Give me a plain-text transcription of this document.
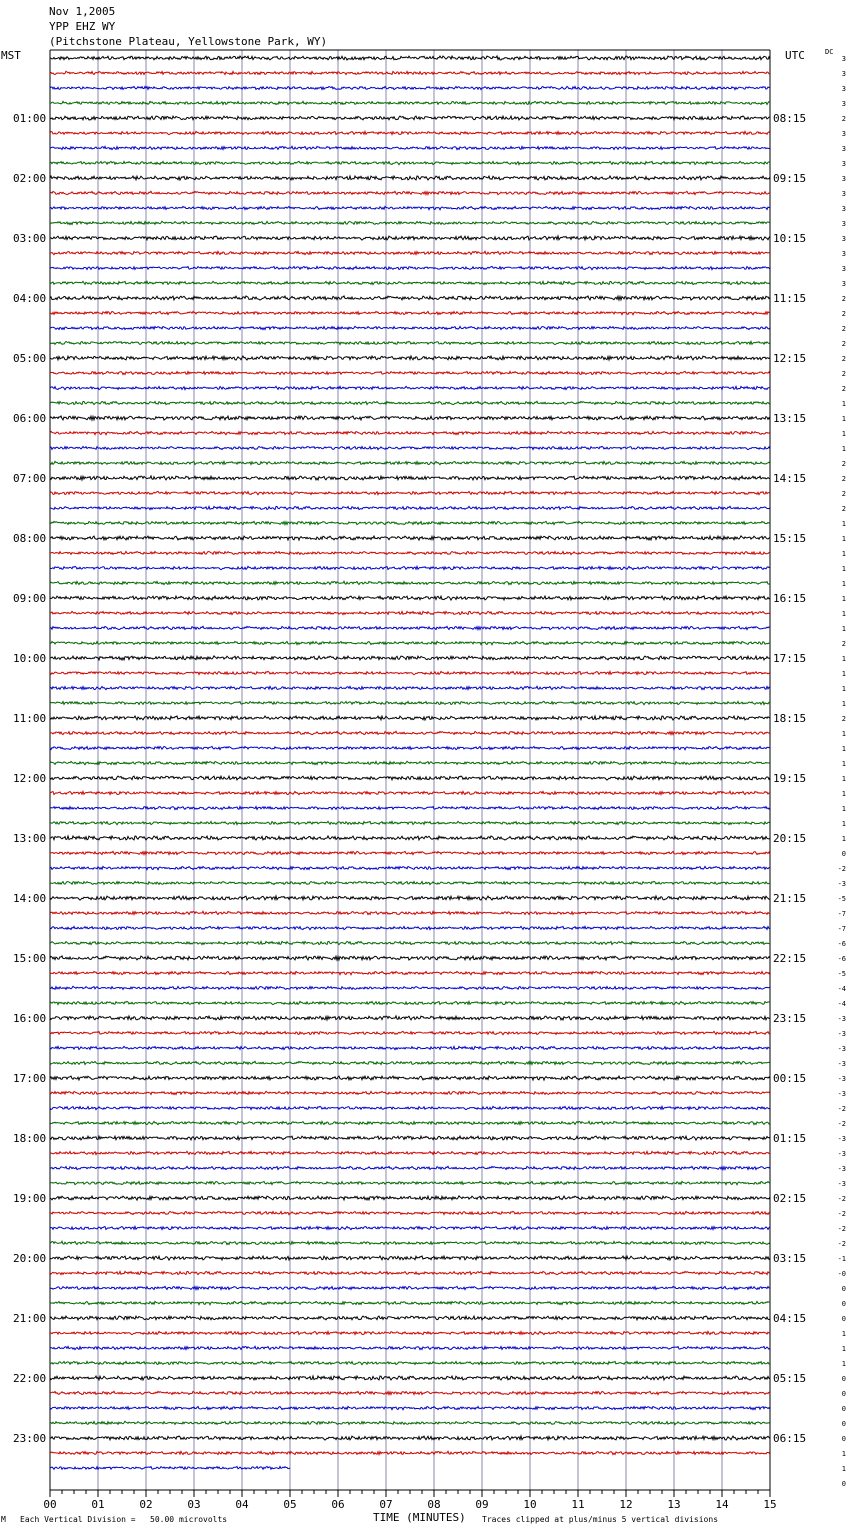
Nov 1,2005
YPP EHZ WY
(Pitchstone Plateau, Yellowstone Park, WY)
MST	UTC	DC
01:00
02:00
03:00
04:00
05:00
06:00
07:00
08:00
09:00
10:00
11:00
12:00
13:00
14:00
15:00
16:00
17:00
18:00
19:00
20:00
21:00
22:00
23:00
08:15
09:15
10:15
11:15
12:15
13:15
14:15
15:15
16:15
17:15
18:15
19:15
20:15
21:15
22:15
23:15
00:15
01:15
02:15
03:15
04:15
05:15
06:15
3
3
3
3
2
3
3
3
3
3
3
3
3
3
3
3
2
2
2
2
2
2
2
1
1
1
1
2
2
2
2
1
1
1
1
1
1
1
1
2
1
1
1
1
2
1
1
1
1
1
1
1
1
0
-2
-3
-5
-7
-7
-6
-6
-5
-4
-4
-3
-3
-3
-3
-3
-3
-2
-2
-3
-3
-3
-3
-2
-2
-2
-2
-1
-0
0
0
0
1
1
1
0
0
0
0
0
1
1
0
00	01	02	03	04	05	06	07	08	09	10	11	12	13	14	15
TIME (MINUTES)
M Each Vertical Division =   50.00 microvolts	Traces clipped at plus/minus 5 vertical divisions
